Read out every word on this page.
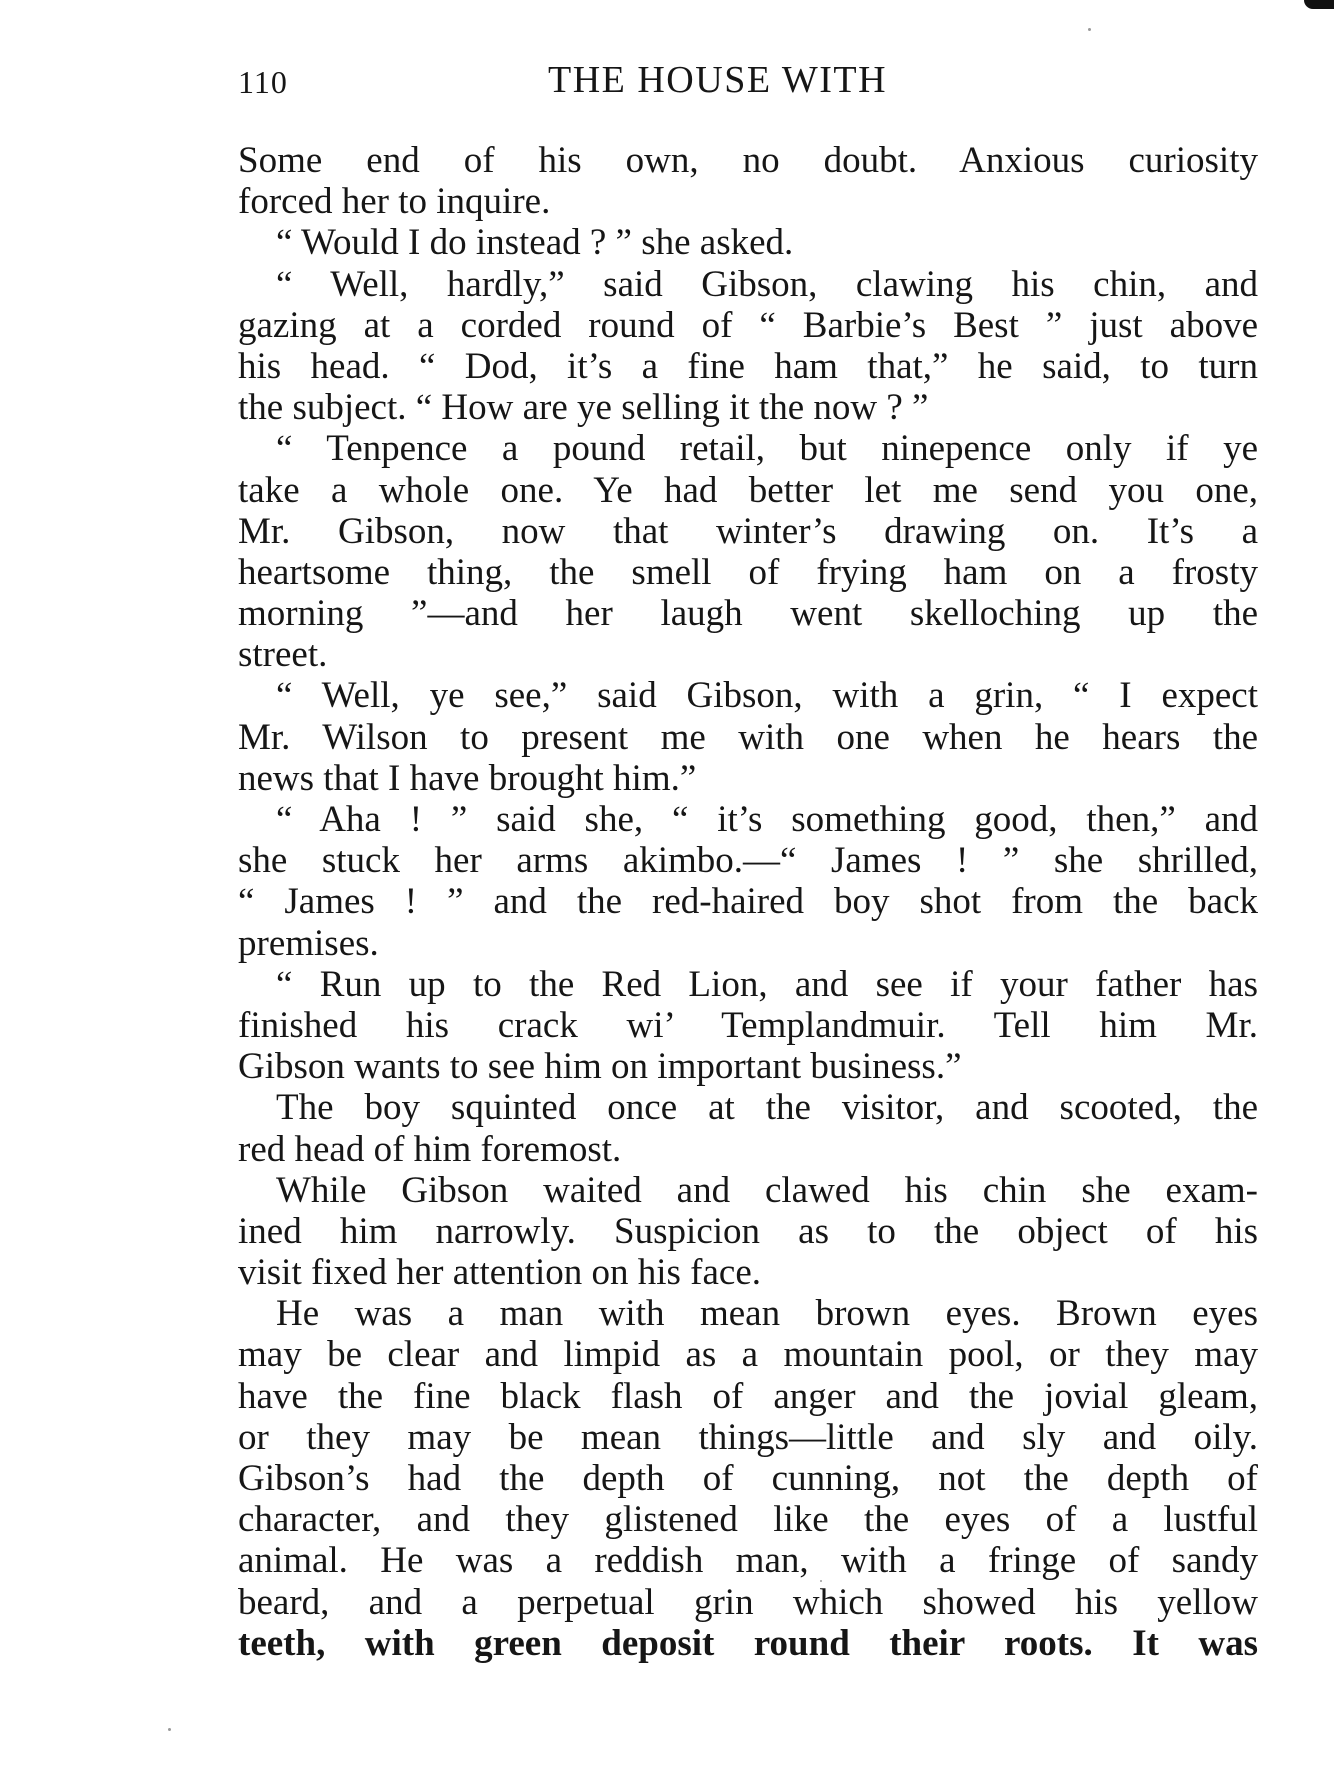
110	THE HOUSE WITH
Some end of his own, no doubt. Anxious curiosity
forced her to inquire.
“ Would I do instead ? ” she asked.
“ Well, hardly,” said Gibson, clawing his chin, and
gazing at a corded round of “ Barbie’s Best ” just above
his head. “ Dod, it’s a fine ham that,” he said, to turn
the subject. “ How are ye selling it the now ? ”
“ Tenpence a pound retail, but ninepence only if ye
take a whole one. Ye had better let me send you one,
Mr. Gibson, now that winter’s drawing on. It’s a
heartsome thing, the smell of frying ham on a frosty
morning ”—and her laugh went skelloching up the
street.
“ Well, ye see,” said Gibson, with a grin, “ I expect
Mr. Wilson to present me with one when he hears the
news that I have brought him.”
“ Aha ! ” said she, “ it’s something good, then,” and
she stuck her arms akimbo.—“ James ! ” she shrilled,
“ James ! ” and the red-haired boy shot from the back
premises.
“ Run up to the Red Lion, and see if your father has
finished his crack wi’ Templandmuir. Tell him Mr.
Gibson wants to see him on important business.”
The boy squinted once at the visitor, and scooted, the
red head of him foremost.
While Gibson waited and clawed his chin she exam-
ined him narrowly. Suspicion as to the object of his
visit fixed her attention on his face.
He was a man with mean brown eyes. Brown eyes
may be clear and limpid as a mountain pool, or they may
have the fine black flash of anger and the jovial gleam,
or they may be mean things—little and sly and oily.
Gibson’s had the depth of cunning, not the depth of
character, and they glistened like the eyes of a lustful
animal. He was a reddish man, with a fringe of sandy
beard, and a perpetual grin which showed his yellow
teeth, with green deposit round their roots. It was
